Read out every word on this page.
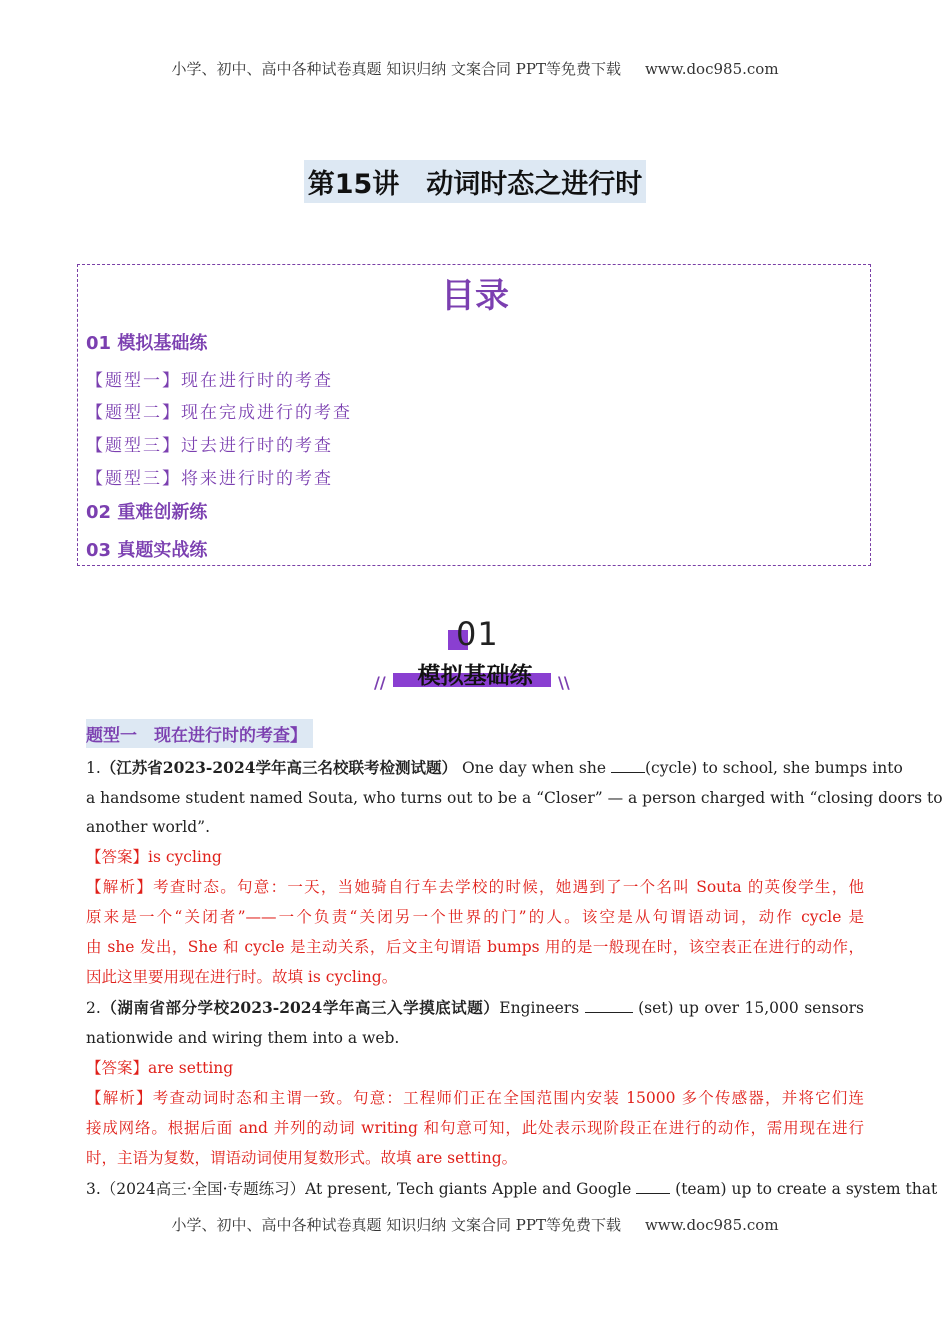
小学、初中、高中各种试卷真题 知识归纳 文案合同 PPT等免费下载 www.doc985.com
第15讲　动词时态之进行时
目录
01 模拟基础练
【题型一】现在进行时的考查
【题型二】现在完成进行的考查
【题型三】过去进行时的考查
【题型三】将来进行时的考查
02 重难创新练
03 真题实战练
01
模拟基础练
//	\\
题型一　现在进行时的考查】
1.（江苏省2023-2024学年高三名校联考检测试题） One day when she	(cycle) to school, she bumps into
a handsome student named Souta, who turns out to be a “Closer” — a person charged with “closing doors to
another world”.
【答案】is cycling
【解析】考查时态。句意：一天，当她骑自行车去学校的时候，她遇到了一个名叫 Souta 的英俊学生，他
原来是一个“关闭者”——一个负责“关闭另一个世界的门”的人。该空是从句谓语动词，动作 cycle 是
由 she 发出，She 和 cycle 是主动关系，后文主句谓语 bumps 用的是一般现在时，该空表正在进行的动作，
因此这里要用现在进行时。故填 is cycling。
2.（湖南省部分学校2023-2024学年高三入学摸底试题）Engineers	(set) up over 15,000 sensors
nationwide and wiring them into a web.
【答案】are setting
【解析】考查动词时态和主谓一致。句意：工程师们正在全国范围内安装 15000 多个传感器，并将它们连
接成网络。根据后面 and 并列的动词 writing 和句意可知，此处表示现阶段正在进行的动作，需用现在进行
时，主语为复数，谓语动词使用复数形式。故填 are setting。
3.（2024高三·全国·专题练习）At present, Tech giants Apple and Google	(team) up to create a system that
小学、初中、高中各种试卷真题 知识归纳 文案合同 PPT等免费下载 www.doc985.com
